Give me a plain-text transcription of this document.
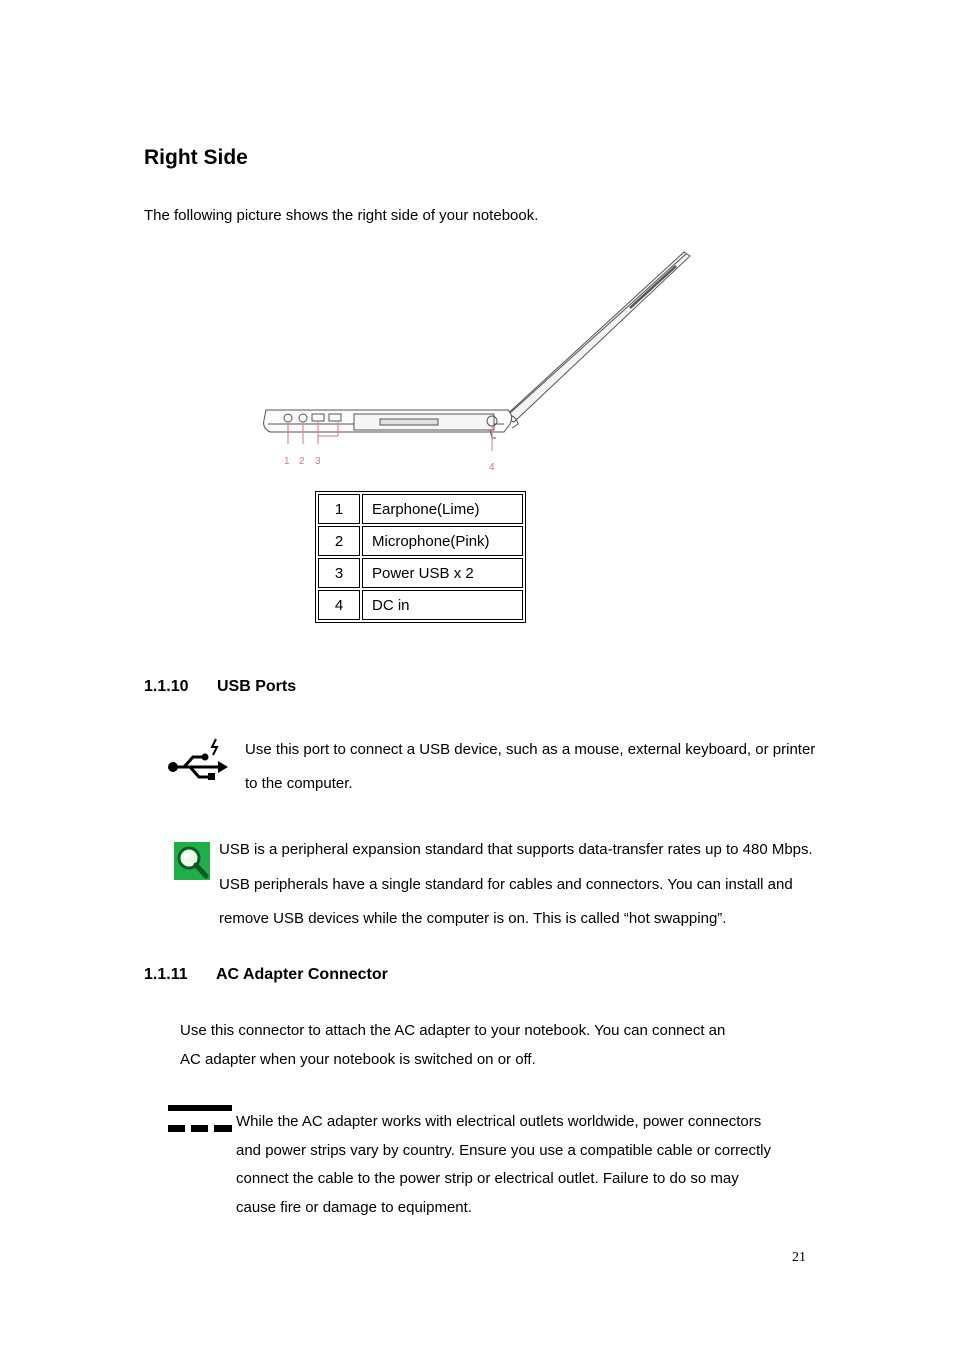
Right Side
The following picture shows the right side of your notebook.
1 2 3
4
1	Earphone(Lime)
2	Microphone(Pink)
3	Power USB x 2
4	DC in
1.1.10 USB Ports
Use this port to connect a USB device, such as a mouse, external keyboard, or printer
to the computer.
USB is a peripheral expansion standard that supports data-transfer rates up to 480 Mbps.
USB peripherals have a single standard for cables and connectors. You can install and
remove USB devices while the computer is on. This is called “hot swapping”.
1.1.11 AC Adapter Connector
Use this connector to attach the AC adapter to your notebook. You can connect an
AC adapter when your notebook is switched on or off.
While the AC adapter works with electrical outlets worldwide, power connectors
and power strips vary by country. Ensure you use a compatible cable or correctly
connect the cable to the power strip or electrical outlet. Failure to do so may
cause fire or damage to equipment.
21
